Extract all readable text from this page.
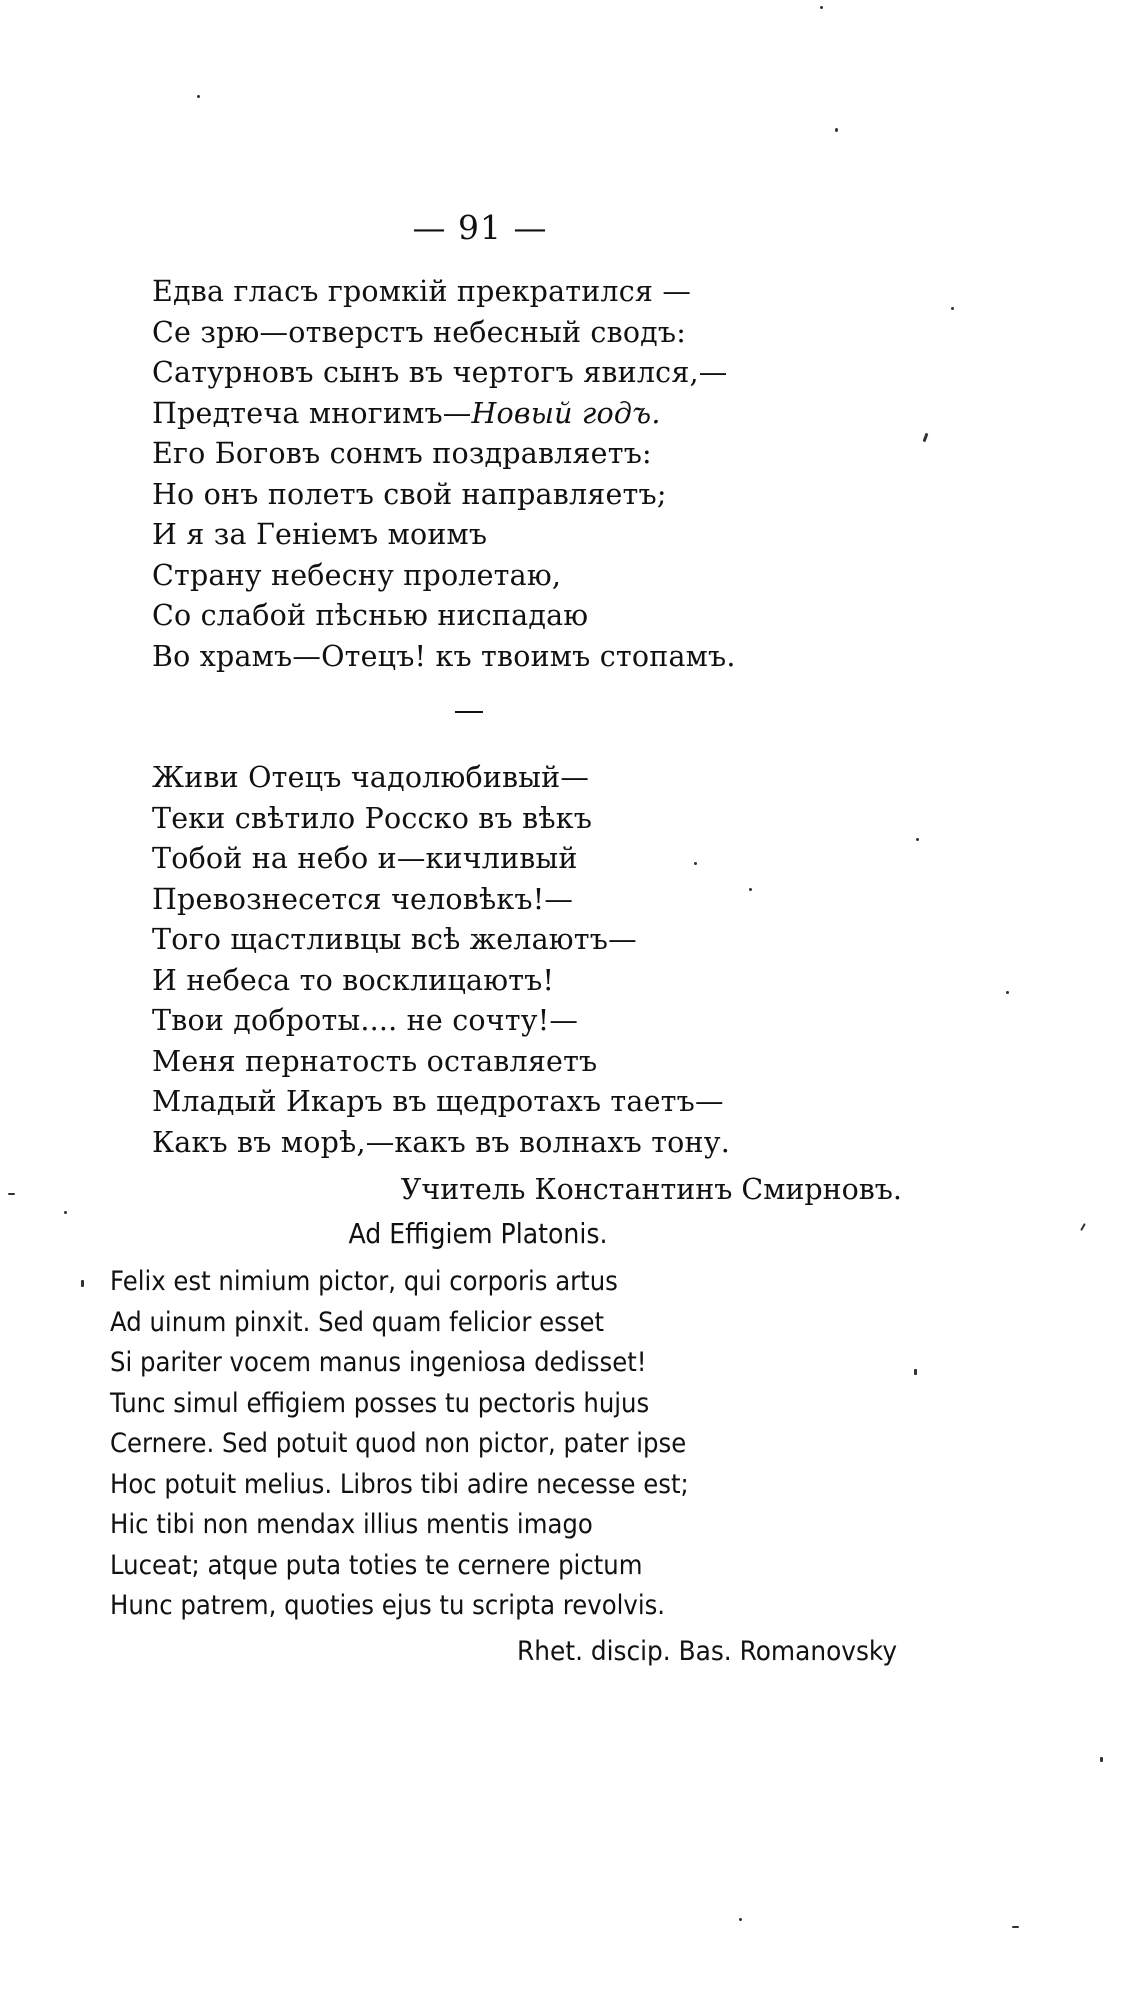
— 91 —
Едва гласъ громкій прекратился —
Се зрю—отверстъ небесный сводъ:
Сатурновъ сынъ въ чертогъ явился,—
Предтеча многимъ—Новый годъ.
Его Боговъ сонмъ поздравляетъ:
Но онъ полетъ свой направляетъ;
И я за Геніемъ моимъ
Страну небесну пролетаю,
Со слабой пѣснью ниспадаю
Во храмъ—Отецъ! къ твоимъ стопамъ.
Живи Отецъ чадолюбивый—
Теки свѣтило Росско въ вѣкъ
Тобой на небо и—кичливый
Превознесется человѣкъ!—
Того щастливцы всѣ желаютъ—
И небеса то восклицаютъ!
Твои доброты.... не сочту!—
Меня пернатость оставляетъ
Младый Икаръ въ щедротахъ таетъ—
Какъ въ морѣ,—какъ въ волнахъ тону.
Учитель Константинъ Смирновъ.
Ad Effigiem Platonis.
Felix est nimium pictor, qui corporis artus
Ad uinum pinxit. Sed quam felicior esset
Si pariter vocem manus ingeniosa dedisset!
Tunc simul effigiem posses tu pectoris hujus
Cernere. Sed potuit quod non pictor, pater ipse
Hoc potuit melius. Libros tibi adire necesse est;
Hic tibi non mendax illius mentis imago
Luceat; atque puta toties te cernere pictum
Hunc patrem, quoties ejus tu scripta revolvis.
Rhet. discip. Bas. Romanovsky
